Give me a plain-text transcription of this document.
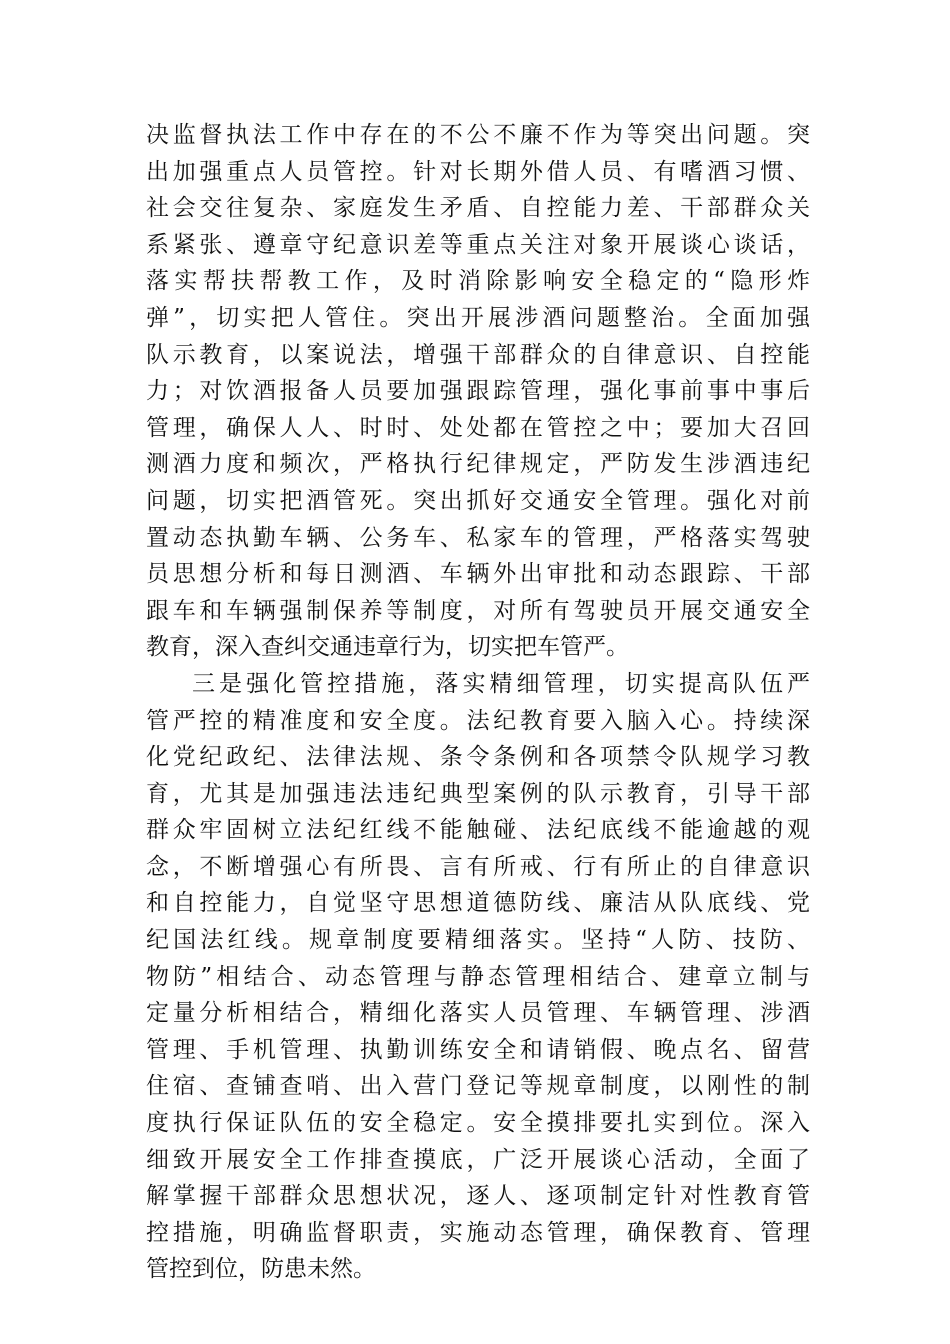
决监督执法工作中存在的不公不廉不作为等突出问题。突
出加强重点人员管控。针对长期外借人员、有嗜酒习惯、
社会交往复杂、家庭发生矛盾、自控能力差、干部群众关
系紧张、遵章守纪意识差等重点关注对象开展谈心谈话，
落实帮扶帮教工作，及时消除影响安全稳定的“隐形炸
弹”，切实把人管住。突出开展涉酒问题整治。全面加强
队示教育，以案说法，增强干部群众的自律意识、自控能
力；对饮酒报备人员要加强跟踪管理，强化事前事中事后
管理，确保人人、时时、处处都在管控之中；要加大召回
测酒力度和频次，严格执行纪律规定，严防发生涉酒违纪
问题，切实把酒管死。突出抓好交通安全管理。强化对前
置动态执勤车辆、公务车、私家车的管理，严格落实驾驶
员思想分析和每日测酒、车辆外出审批和动态跟踪、干部
跟车和车辆强制保养等制度，对所有驾驶员开展交通安全
教育，深入查纠交通违章行为，切实把车管严。
三是强化管控措施，落实精细管理，切实提高队伍严
管严控的精准度和安全度。法纪教育要入脑入心。持续深
化党纪政纪、法律法规、条令条例和各项禁令队规学习教
育，尤其是加强违法违纪典型案例的队示教育，引导干部
群众牢固树立法纪红线不能触碰、法纪底线不能逾越的观
念，不断增强心有所畏、言有所戒、行有所止的自律意识
和自控能力，自觉坚守思想道德防线、廉洁从队底线、党
纪国法红线。规章制度要精细落实。坚持“人防、技防、
物防”相结合、动态管理与静态管理相结合、建章立制与
定量分析相结合，精细化落实人员管理、车辆管理、涉酒
管理、手机管理、执勤训练安全和请销假、晚点名、留营
住宿、查铺查哨、出入营门登记等规章制度，以刚性的制
度执行保证队伍的安全稳定。安全摸排要扎实到位。深入
细致开展安全工作排查摸底，广泛开展谈心活动，全面了
解掌握干部群众思想状况，逐人、逐项制定针对性教育管
控措施，明确监督职责，实施动态管理，确保教育、管理
管控到位，防患未然。
